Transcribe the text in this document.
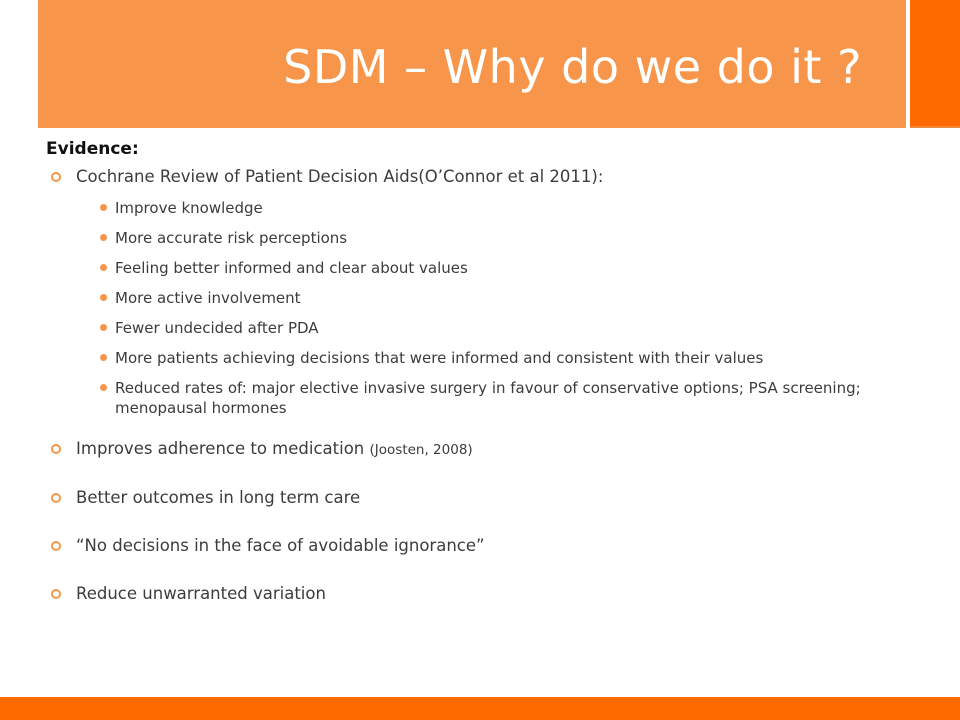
SDM – Why do we do it ?
Evidence:
Cochrane Review of Patient Decision Aids(O’Connor et al 2011):
Improve knowledge
More accurate risk perceptions
Feeling better informed and clear about values
More active involvement
Fewer undecided after PDA
More patients achieving decisions that were informed and consistent with their values
Reduced rates of: major elective invasive surgery in favour of conservative options; PSA screening; menopausal hormones
Improves adherence to medication (Joosten, 2008)
Better outcomes in long term care
“No decisions in the face of avoidable ignorance”
Reduce unwarranted variation
